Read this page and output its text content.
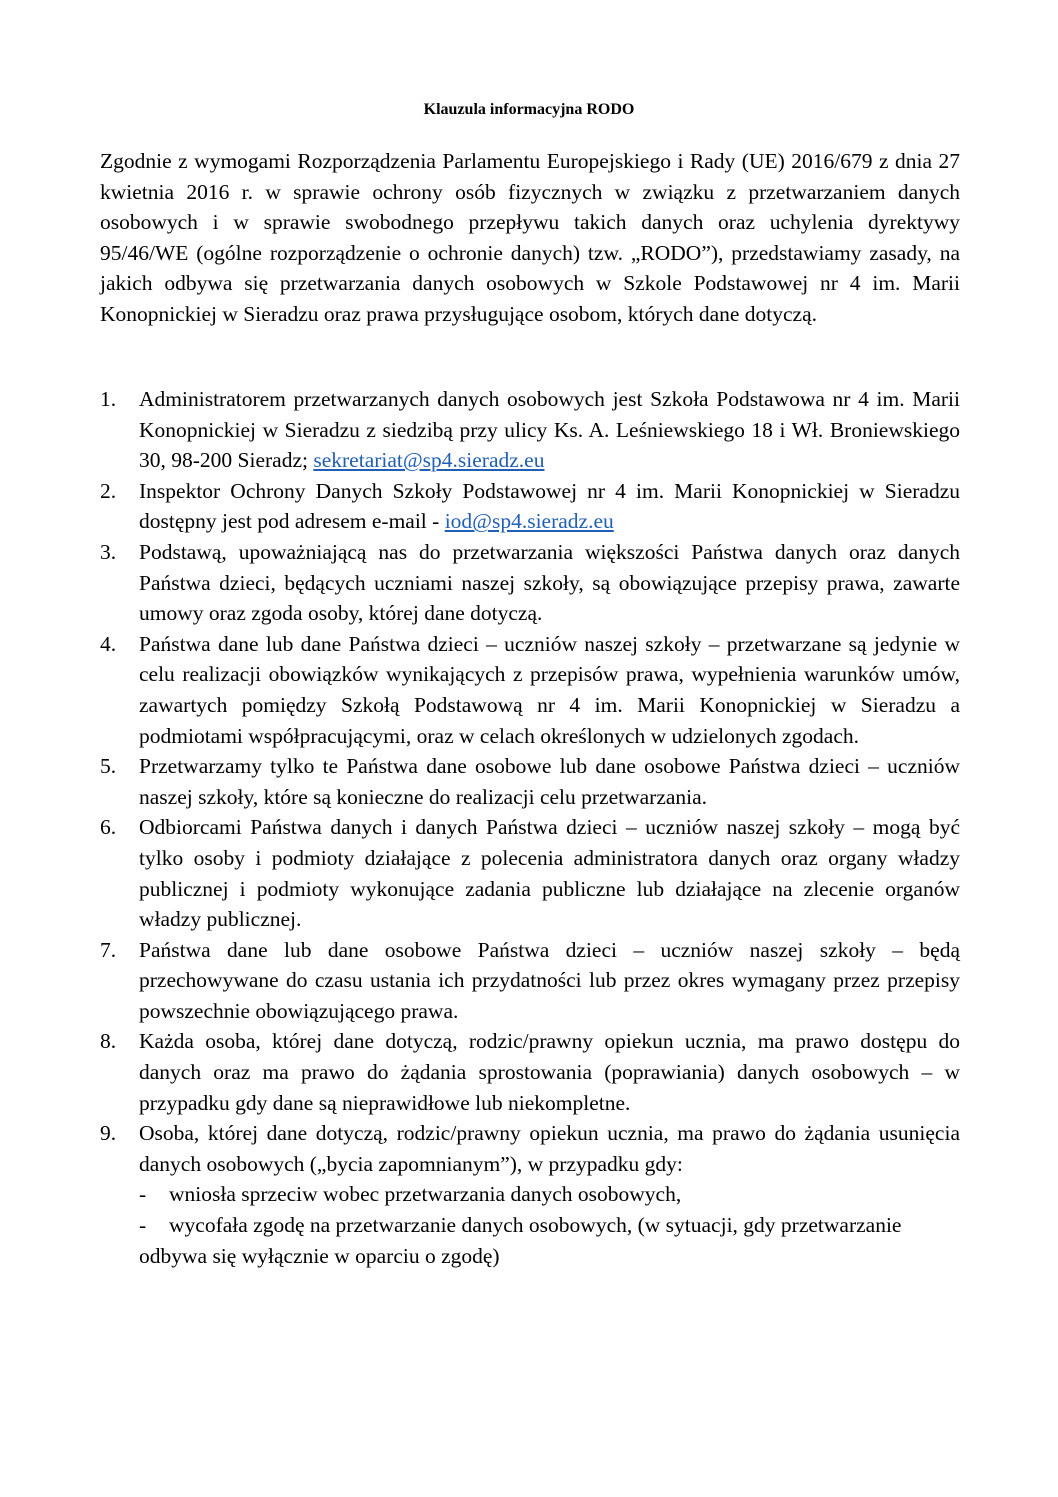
Klauzula informacyjna RODO

Zgodnie z wymogami Rozporządzenia Parlamentu Europejskiego i Rady (UE) 2016/679 z dnia 27 kwietnia 2016 r. w sprawie ochrony osób fizycznych w związku z przetwarzaniem danych osobowych i w sprawie swobodnego przepływu takich danych oraz uchylenia dyrektywy 95/46/WE (ogólne rozporządzenie o ochronie danych) tzw. „RODO”), przedstawiamy zasady, na jakich odbywa się przetwarzania danych osobowych w Szkole Podstawowej nr 4 im. Marii Konopnickiej w Sieradzu oraz prawa przysługujące osobom, których dane dotyczą.

1.	Administratorem przetwarzanych danych osobowych jest Szkoła Podstawowa nr 4 im. Marii Konopnickiej w Sieradzu z siedzibą przy ulicy Ks. A. Leśniewskiego 18 i Wł. Broniewskiego 30, 98-200 Sieradz; sekretariat@sp4.sieradz.eu
2.	Inspektor Ochrony Danych Szkoły Podstawowej nr 4 im. Marii Konopnickiej w Sieradzu dostępny jest pod adresem e-mail - iod@sp4.sieradz.eu
3.	Podstawą, upoważniającą nas do przetwarzania większości Państwa danych oraz danych Państwa dzieci, będących uczniami naszej szkoły, są obowiązujące przepisy prawa, zawarte umowy oraz zgoda osoby, której dane dotyczą.
4.	Państwa dane lub dane Państwa dzieci – uczniów naszej szkoły – przetwarzane są jedynie w celu realizacji obowiązków wynikających z przepisów prawa, wypełnienia warunków umów, zawartych pomiędzy Szkołą Podstawową nr 4 im. Marii Konopnickiej w Sieradzu a podmiotami współpracującymi, oraz w celach określonych w udzielonych zgodach.
5.	Przetwarzamy tylko te Państwa dane osobowe lub dane osobowe Państwa dzieci – uczniów naszej szkoły, które są konieczne do realizacji celu przetwarzania.
6.	Odbiorcami Państwa danych i danych Państwa dzieci – uczniów naszej szkoły – mogą być tylko osoby i podmioty działające z polecenia administratora danych oraz organy władzy publicznej i podmioty wykonujące zadania publiczne lub działające na zlecenie organów władzy publicznej.
7.	Państwa dane lub dane osobowe Państwa dzieci – uczniów naszej szkoły – będą przechowywane do czasu ustania ich przydatności lub przez okres wymagany przez przepisy powszechnie obowiązującego prawa.
8.	Każda osoba, której dane dotyczą, rodzic/prawny opiekun ucznia, ma prawo dostępu do danych oraz ma prawo do żądania sprostowania (poprawiania) danych osobowych – w przypadku gdy dane są nieprawidłowe lub niekompletne.
9.	Osoba, której dane dotyczą, rodzic/prawny opiekun ucznia, ma prawo do żądania usunięcia danych osobowych („bycia zapomnianym”), w przypadku gdy:
- wniosła sprzeciw wobec przetwarzania danych osobowych,
- wycofała zgodę na przetwarzanie danych osobowych, (w sytuacji, gdy przetwarzanie odbywa się wyłącznie w oparciu o zgodę)
